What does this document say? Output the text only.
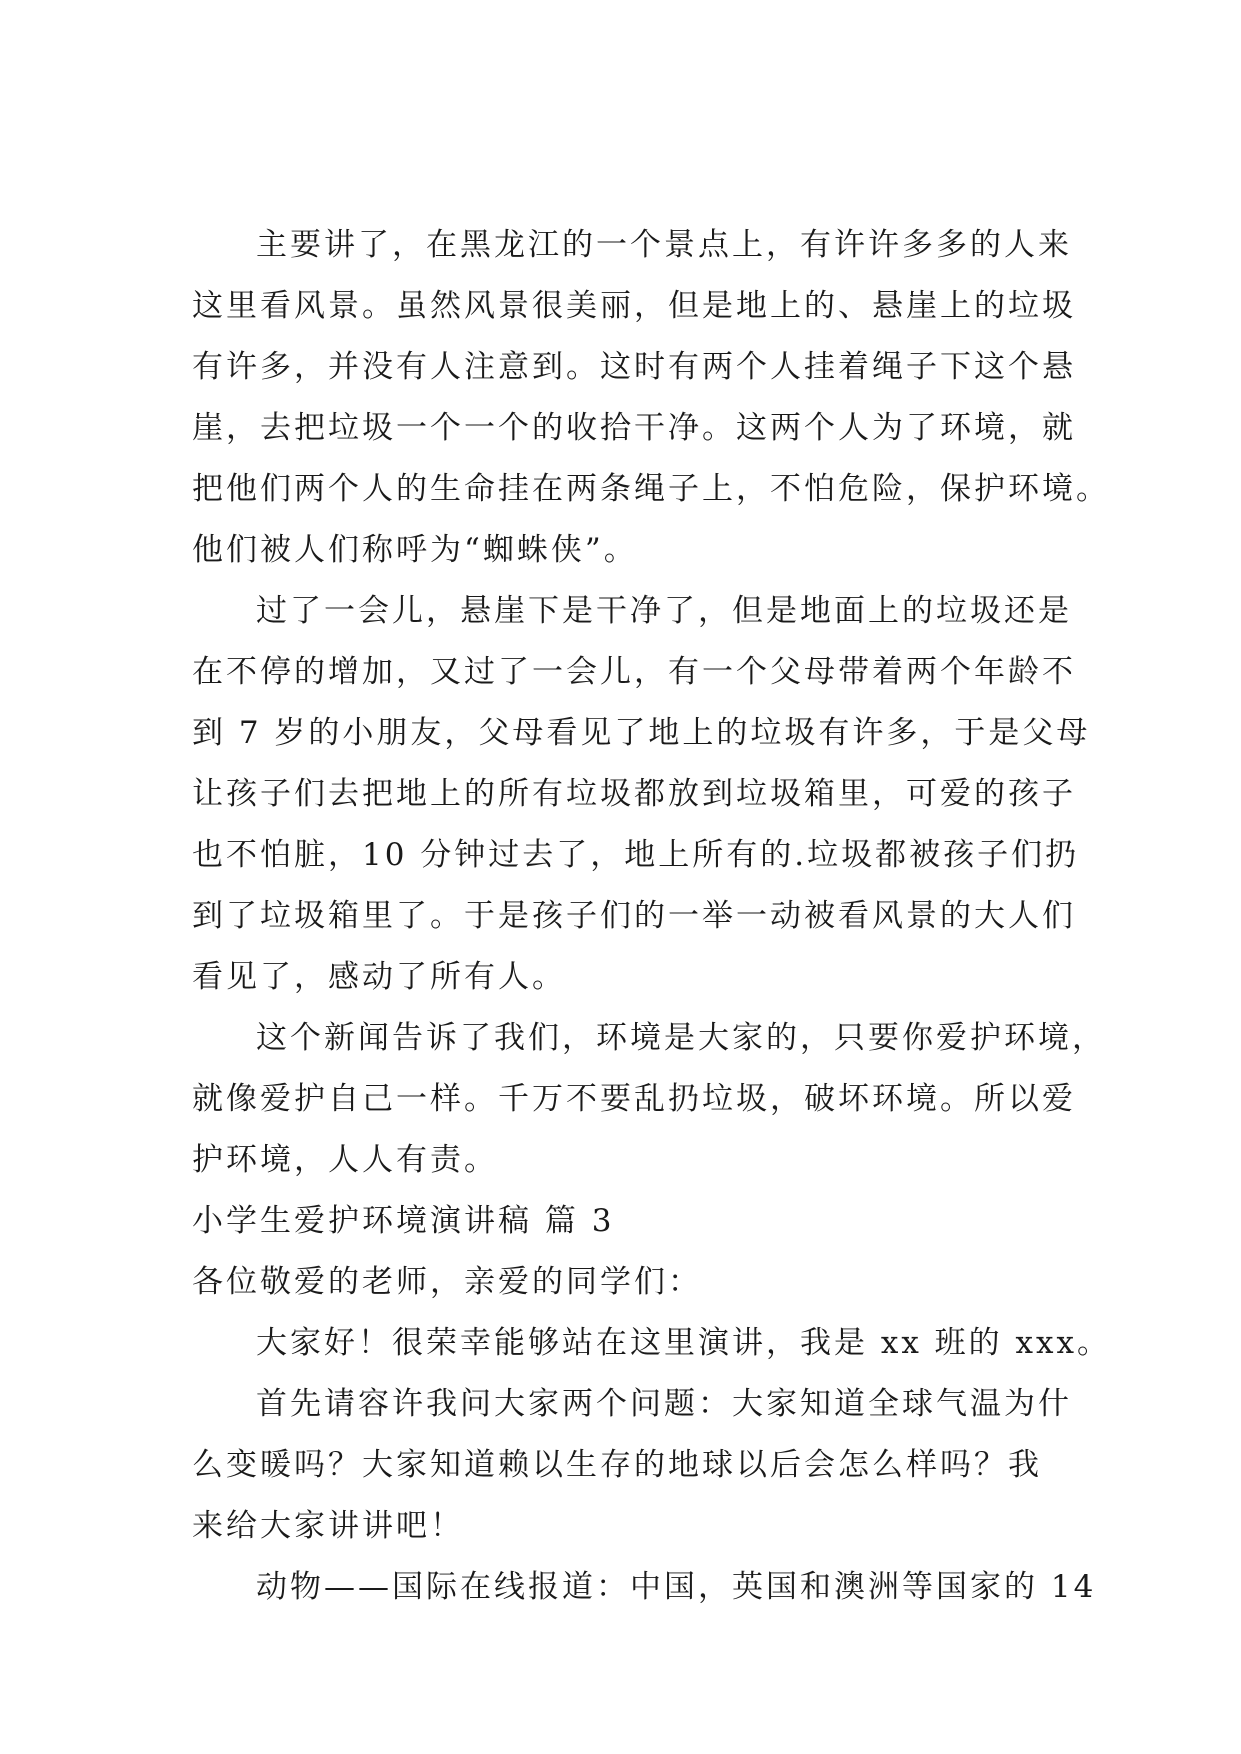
主要讲了，在黑龙江的一个景点上，有许许多多的人来
这里看风景。虽然风景很美丽，但是地上的、悬崖上的垃圾
有许多，并没有人注意到。这时有两个人挂着绳子下这个悬
崖，去把垃圾一个一个的收拾干净。这两个人为了环境，就
把他们两个人的生命挂在两条绳子上，不怕危险，保护环境。
他们被人们称呼为“蜘蛛侠”。
过了一会儿，悬崖下是干净了，但是地面上的垃圾还是
在不停的增加，又过了一会儿，有一个父母带着两个年龄不
到 7 岁的小朋友，父母看见了地上的垃圾有许多，于是父母
让孩子们去把地上的所有垃圾都放到垃圾箱里，可爱的孩子
也不怕脏，10 分钟过去了，地上所有的.垃圾都被孩子们扔
到了垃圾箱里了。于是孩子们的一举一动被看风景的大人们
看见了，感动了所有人。
这个新闻告诉了我们，环境是大家的，只要你爱护环境，
就像爱护自己一样。千万不要乱扔垃圾，破坏环境。所以爱
护环境，人人有责。
小学生爱护环境演讲稿 篇 3
各位敬爱的老师，亲爱的同学们：
大家好！很荣幸能够站在这里演讲，我是 xx 班的 xxx。
首先请容许我问大家两个问题：大家知道全球气温为什
么变暖吗？大家知道赖以生存的地球以后会怎么样吗？我
来给大家讲讲吧！
动物——国际在线报道：中国，英国和澳洲等国家的 14
